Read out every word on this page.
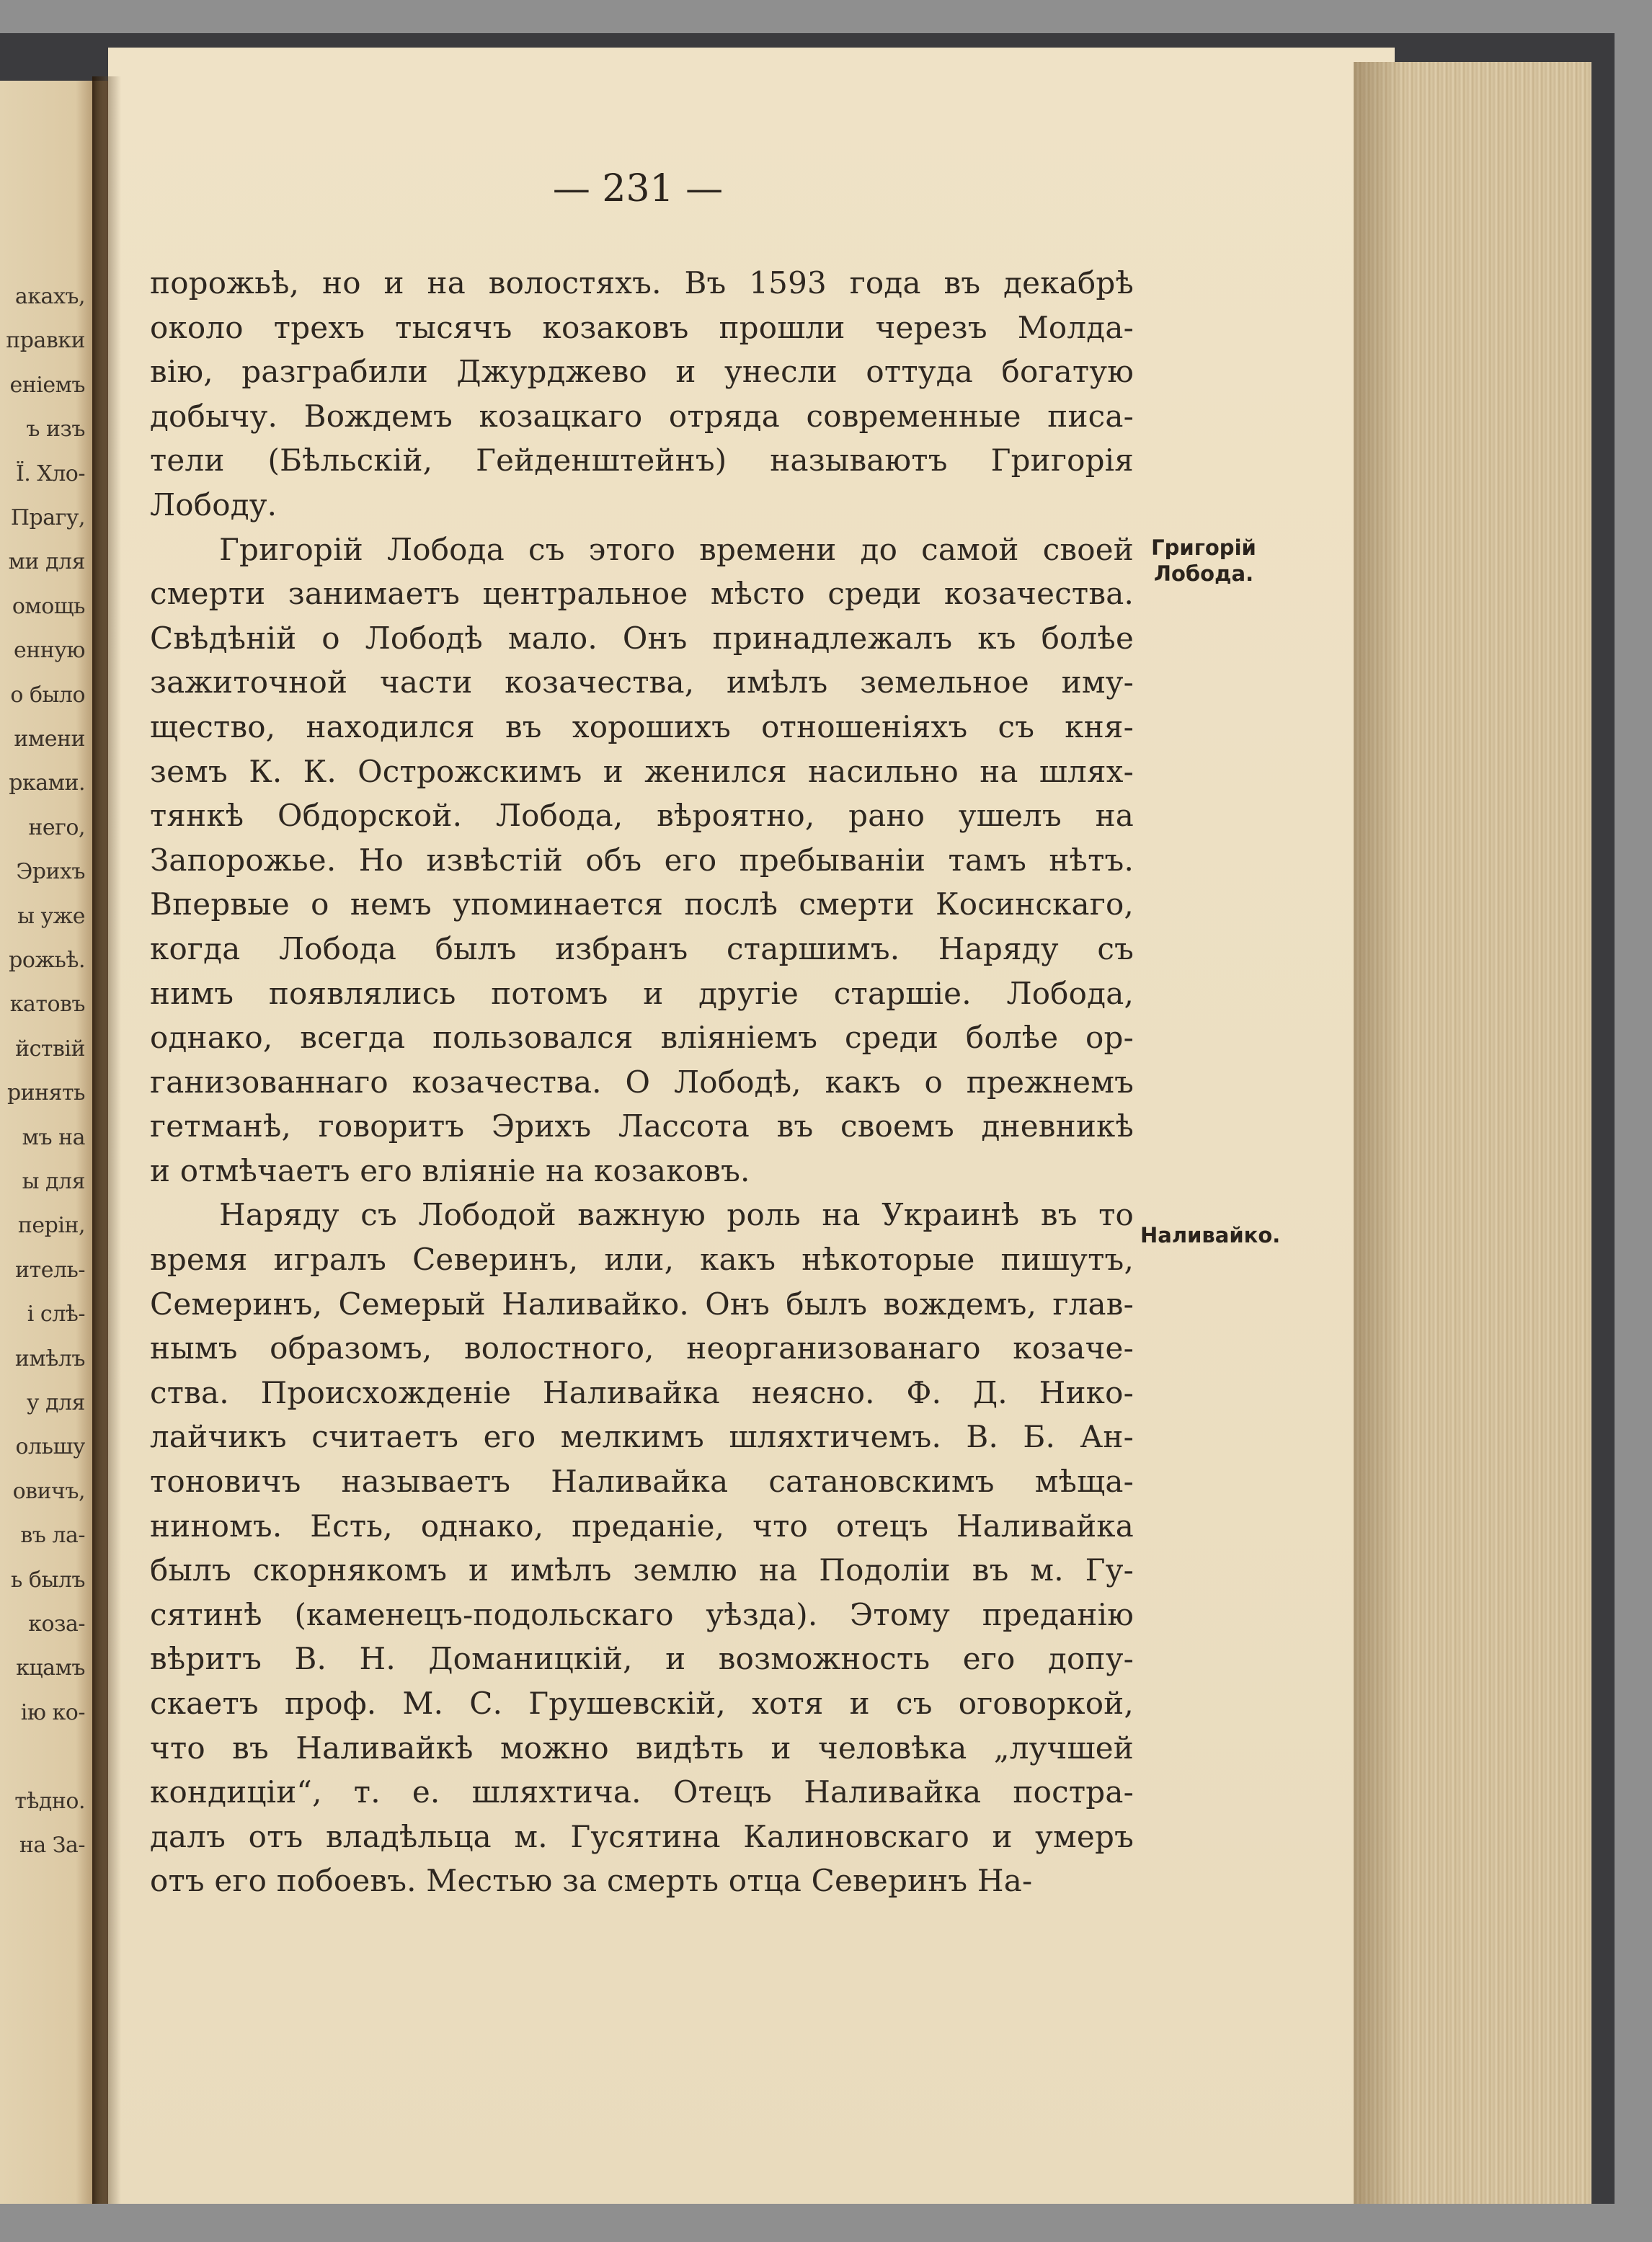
акахъ,
правки
еніемъ
ъ изъ
Ї. Хло-
Прагу,
ми для
омощь
енную
о было
имени
рками.
него,
Эрихъ
ы уже
рожьѣ.
катовъ
йствій
ринять
мъ на
ы для
перін,
итель-
і слѣ-
имѣлъ
у для
ольшу
овичъ,
въ ла-
ь былъ
коза-
кцамъ
ію ко-
тѣдно.
на За-
— 231 —
порожьѣ, но и на волостяхъ. Въ 1593 года въ декабрѣ
около трехъ тысячъ козаковъ прошли черезъ Молда-
вію, разграбили Джурджево и унесли оттуда богатую
добычу. Вождемъ козацкаго отряда современные писа-
тели (Бѣльскій, Гейденштейнъ) называютъ Григорія
Лободу.
Григорій Лобода съ этого времени до самой своей
смерти занимаетъ центральное мѣсто среди козачества.
Свѣдѣній о Лободѣ мало. Онъ принадлежалъ къ болѣе
зажиточной части козачества, имѣлъ земельное иму-
щество, находился въ хорошихъ отношеніяхъ съ кня-
земъ К. К. Острожскимъ и женился насильно на шлях-
тянкѣ Обдорской. Лобода, вѣроятно, рано ушелъ на
Запорожье. Но извѣстій объ его пребываніи тамъ нѣтъ.
Впервые о немъ упоминается послѣ смерти Косинскаго,
когда Лобода былъ избранъ старшимъ. Наряду съ
нимъ появлялись потомъ и другіе старшіе. Лобода,
однако, всегда пользовался вліяніемъ среди болѣе ор-
ганизованнаго козачества. О Лободѣ, какъ о прежнемъ
гетманѣ, говоритъ Эрихъ Лассота въ своемъ дневникѣ
и отмѣчаетъ его вліяніе на козаковъ.
Наряду съ Лободой важную роль на Украинѣ въ то
время игралъ Северинъ, или, какъ нѣкоторые пишутъ,
Семеринъ, Семерый Наливайко. Онъ былъ вождемъ, глав-
нымъ образомъ, волостного, неорганизованаго козаче-
ства. Происхожденіе Наливайка неясно. Ф. Д. Нико-
лайчикъ считаетъ его мелкимъ шляхтичемъ. В. Б. Ан-
тоновичъ называетъ Наливайка сатановскимъ мѣща-
ниномъ. Есть, однако, преданіе, что отецъ Наливайка
былъ скорнякомъ и имѣлъ землю на Подоліи въ м. Гу-
сятинѣ (каменецъ-подольскаго уѣзда). Этому преданію
вѣритъ В. Н. Доманицкій, и возможность его допу-
скаетъ проф. М. С. Грушевскій, хотя и съ оговоркой,
что въ Наливайкѣ можно видѣть и человѣка „лучшей
кондиціи“, т. е. шляхтича. Отецъ Наливайка постра-
далъ отъ владѣльца м. Гусятина Калиновскаго и умеръ
отъ его побоевъ. Местью за смерть отца Северинъ На-
Григорій
Лобода.
Наливайко.
